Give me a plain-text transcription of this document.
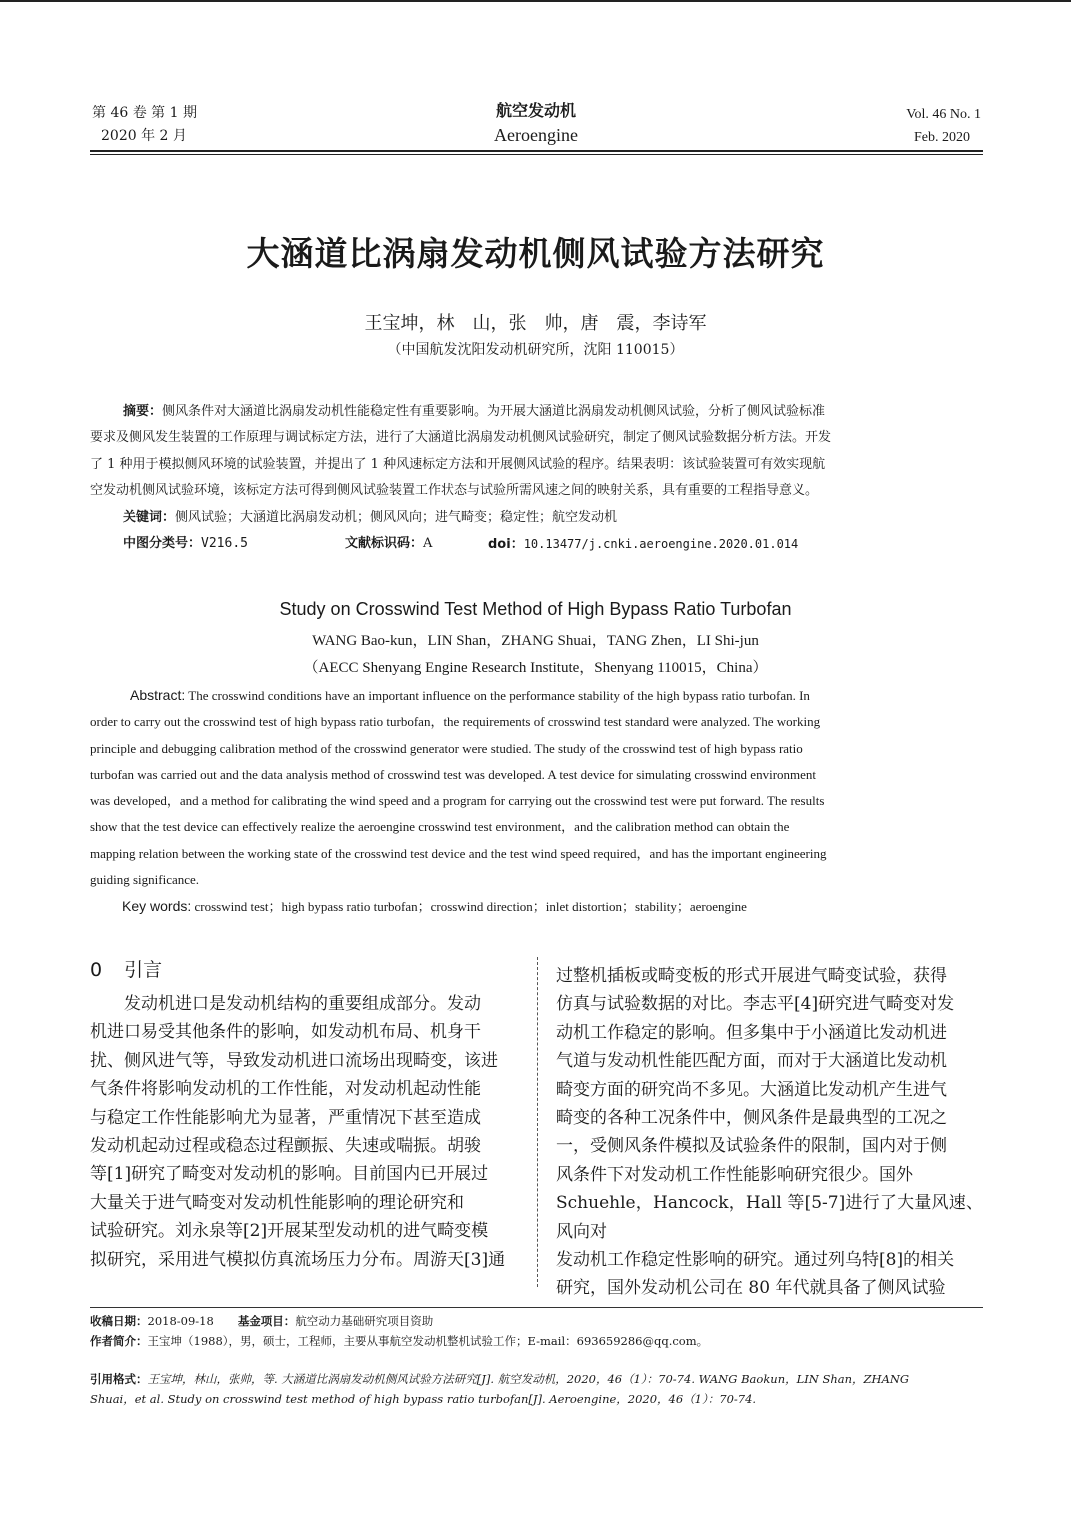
第 46 卷 第 1 期
2020 年 2 月
航空发动机
Aeroengine
Vol. 46 No. 1
Feb. 2020
大涵道比涡扇发动机侧风试验方法研究
王宝坤，林　山，张　帅，唐　震，李诗军
（中国航发沈阳发动机研究所，沈阳 110015）
摘要：侧风条件对大涵道比涡扇发动机性能稳定性有重要影响。为开展大涵道比涡扇发动机侧风试验，分析了侧风试验标准
要求及侧风发生装置的工作原理与调试标定方法，进行了大涵道比涡扇发动机侧风试验研究，制定了侧风试验数据分析方法。开发
了 1 种用于模拟侧风环境的试验装置，并提出了 1 种风速标定方法和开展侧风试验的程序。结果表明：该试验装置可有效实现航
空发动机侧风试验环境，该标定方法可得到侧风试验装置工作状态与试验所需风速之间的映射关系，具有重要的工程指导意义。
关键词：侧风试验；大涵道比涡扇发动机；侧风风向；进气畸变；稳定性；航空发动机
中图分类号：V216.5	文献标识码：A	doi：10.13477/j.cnki.aeroengine.2020.01.014
Study on Crosswind Test Method of High Bypass Ratio Turbofan
WANG Bao-kun，LIN Shan，ZHANG Shuai，TANG Zhen，LI Shi-jun
（AECC Shenyang Engine Research Institute，Shenyang 110015，China）
Abstract: The crosswind conditions have an important influence on the performance stability of the high bypass ratio turbofan. In
order to carry out the crosswind test of high bypass ratio turbofan，the requirements of crosswind test standard were analyzed. The working
principle and debugging calibration method of the crosswind generator were studied. The study of the crosswind test of high bypass ratio
turbofan was carried out and the data analysis method of crosswind test was developed. A test device for simulating crosswind environment
was developed，and a method for calibrating the wind speed and a program for carrying out the crosswind test were put forward. The results
show that the test device can effectively realize the aeroengine crosswind test environment，and the calibration method can obtain the
mapping relation between the working state of the crosswind test device and the test wind speed required，and has the important engineering
guiding significance.
Key words: crosswind test；high bypass ratio turbofan；crosswind direction；inlet distortion；stability；aeroengine
0 引言
　　发动机进口是发动机结构的重要组成部分。发动
机进口易受其他条件的影响，如发动机布局、机身干
扰、侧风进气等，导致发动机进口流场出现畸变，该进
气条件将影响发动机的工作性能，对发动机起动性能
与稳定工作性能影响尤为显著，严重情况下甚至造成
发动机起动过程或稳态过程颤振、失速或喘振。胡骏
等[1]研究了畸变对发动机的影响。目前国内已开展过
大量关于进气畸变对发动机性能影响的理论研究和
试验研究。刘永泉等[2]开展某型发动机的进气畸变模
拟研究，采用进气模拟仿真流场压力分布。周游天[3]通
过整机插板或畸变板的形式开展进气畸变试验，获得
仿真与试验数据的对比。李志平[4]研究进气畸变对发
动机工作稳定的影响。但多集中于小涵道比发动机进
气道与发动机性能匹配方面，而对于大涵道比发动机
畸变方面的研究尚不多见。大涵道比发动机产生进气
畸变的各种工况条件中，侧风条件是最典型的工况之
一，受侧风条件模拟及试验条件的限制，国内对于侧
风条件下对发动机工作性能影响研究很少。国外
Schuehle，Hancock，Hall 等[5-7]进行了大量风速、风向对
发动机工作稳定性影响的研究。通过列乌特[8]的相关
研究，国外发动机公司在 80 年代就具备了侧风试验
收稿日期：2018-09-18 基金项目：航空动力基础研究项目资助
作者简介：王宝坤（1988），男，硕士，工程师，主要从事航空发动机整机试验工作；E-mail：693659286@qq.com。
引用格式：王宝坤，林山，张帅，等. 大涵道比涡扇发动机侧风试验方法研究[J]. 航空发动机，2020，46（1）：70-74. WANG Baokun，LIN Shan，ZHANG
Shuai，et al. Study on crosswind test method of high bypass ratio turbofan[J]. Aeroengine，2020，46（1）：70-74.
